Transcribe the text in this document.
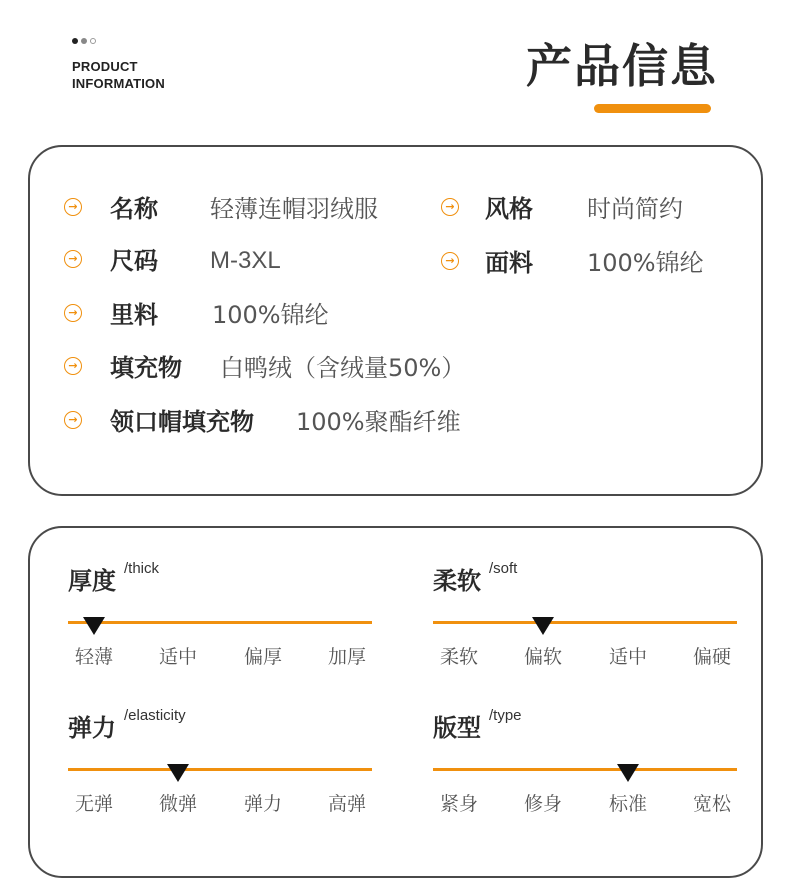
PRODUCT
INFORMATION	产品信息
→ 名称 轻薄连帽羽绒服	→ 风格 时尚简约
→ 尺码 M-3XL	→ 面料 100%锦纶
→ 里料 100%锦纶
→ 填充物 白鸭绒（含绒量50%）
→ 领口帽填充物 100%聚酯纤维
厚度 /thick
轻薄	适中	偏厚	加厚
柔软 /soft
柔软	偏软	适中	偏硬
弹力 /elasticity
无弹	微弹	弹力	高弹
版型 /type
紧身	修身	标准	宽松
